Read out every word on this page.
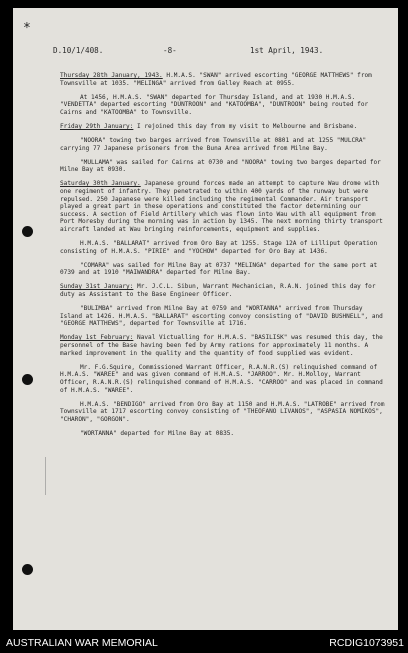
*
D.10/1/408.	-8-	1st April, 1943.

Thursday 28th January, 1943. H.M.A.S. "SWAN" arrived escorting "GEORGE MATTHEWS" from Townsville at 1035. "MELINGA" arrived from Galley Reach at 0955.

At 1456, H.M.A.S. "SWAN" departed for Thursday Island, and at 1930 H.M.A.S. "VENDETTA" departed escorting "DUNTROON" and "KATOOMBA", "DUNTROON" being routed for Cairns and "KATOOMBA" to Townsville.

Friday 29th January: I rejoined this day from my visit to Melbourne and Brisbane.

"NOORA" towing two barges arrived from Townsville at 0801 and at 1255 "MULCRA" carrying 77 Japanese prisoners from the Buna Area arrived from Milne Bay.

"MULLAMA" was sailed for Cairns at 0730 and "NOORA" towing two barges departed for Milne Bay at 0930.

Saturday 30th January. Japanese ground forces made an attempt to capture Wau drome with one regiment of infantry. They penetrated to within 400 yards of the runway but were repulsed. 250 Japanese were killed including the regimental Commander. Air transport played a great part in these operations and constituted the factor determining our success. A section of Field Artillery which was flown into Wau with all equipment from Port Moresby during the morning was in action by 1345. The next morning thirty transport aircraft landed at Wau bringing reinforcements, equipment and supplies.

H.M.A.S. "BALLARAT" arrived from Oro Bay at 1255. Stage 12A of Lilliput Operation consisting of H.M.A.S. "PIRIE" and "YOCHOW" departed for Oro Bay at 1436.

"COMARA" was sailed for Milne Bay at 0737 "MELINGA" departed for the same port at 0739 and at 1910 "MAIWANDRA" departed for Milne Bay.

Sunday 31st January: Mr. J.C.L. Sibun, Warrant Mechanician, R.A.N. joined this day for duty as Assistant to the Base Engineer Officer.

"BULIMBA" arrived from Milne Bay at 0759 and "WORTANNA" arrived from Thursday Island at 1426. H.M.A.S. "BALLARAT" escorting convoy consisting of "DAVID BUSHNELL", and "GEORGE MATTHEWS", departed for Townsville at 1716.

Monday 1st February: Naval Victualling for H.M.A.S. "BASILISK" was resumed this day, the personnel of the Base having been fed by Army rations for approximately 11 months. A marked improvement in the quality and the quantity of food supplied was evident.

Mr. F.G.Squire, Commissioned Warrant Officer, R.A.N.R.(S) relinquished command of H.M.A.S. "WAREE" and was given command of H.M.A.S. "JARROO". Mr. H.Molloy, Warrant Officer, R.A.N.R.(S) relinquished command of H.M.A.S. "CARROO" and was placed in command of H.M.A.S. "WAREE".

H.M.A.S. "BENDIGO" arrived from Oro Bay at 1150 and H.M.A.S. "LATROBE" arrived from Townsville at 1717 escorting convoy consisting of "THEOFANO LIVANOS", "ASPASIA NOMIKOS", "CHARON", "GORGON".

"WORTANNA" departed for Milne Bay at 0835.

AUSTRALIAN WAR MEMORIAL	RCDIG1073951
